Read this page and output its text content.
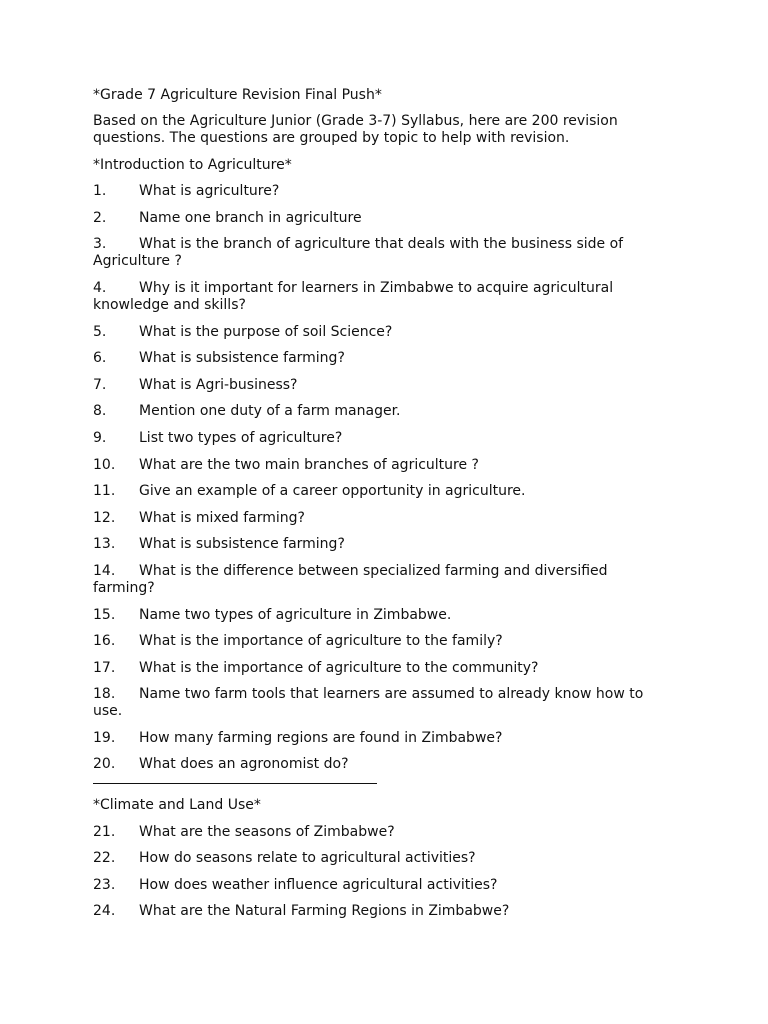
*Grade 7 Agriculture Revision Final Push*

Based on the Agriculture Junior (Grade 3-7) Syllabus, here are 200 revision questions. The questions are grouped by topic to help with revision.

*Introduction to Agriculture*

1. What is agriculture?

2. Name one branch in agriculture

3. What is the branch of agriculture that deals with the business side of Agriculture ?

4. Why is it important for learners in Zimbabwe to acquire agricultural knowledge and skills?

5. What is the purpose of soil Science?

6. What is subsistence farming?

7. What is Agri-business?

8. Mention one duty of a farm manager.

9. List two types of agriculture?

10. What are the two main branches of agriculture ?

11. Give an example of a career opportunity in agriculture.

12. What is mixed farming?

13. What is subsistence farming?

14. What is the difference between specialized farming and diversified farming?

15. Name two types of agriculture in Zimbabwe.

16. What is the importance of agriculture to the family?

17. What is the importance of agriculture to the community?

18. Name two farm tools that learners are assumed to already know how to use.

19. How many farming regions are found in Zimbabwe?

20. What does an agronomist do?

*Climate and Land Use*

21. What are the seasons of Zimbabwe?

22. How do seasons relate to agricultural activities?

23. How does weather influence agricultural activities?

24. What are the Natural Farming Regions in Zimbabwe?
